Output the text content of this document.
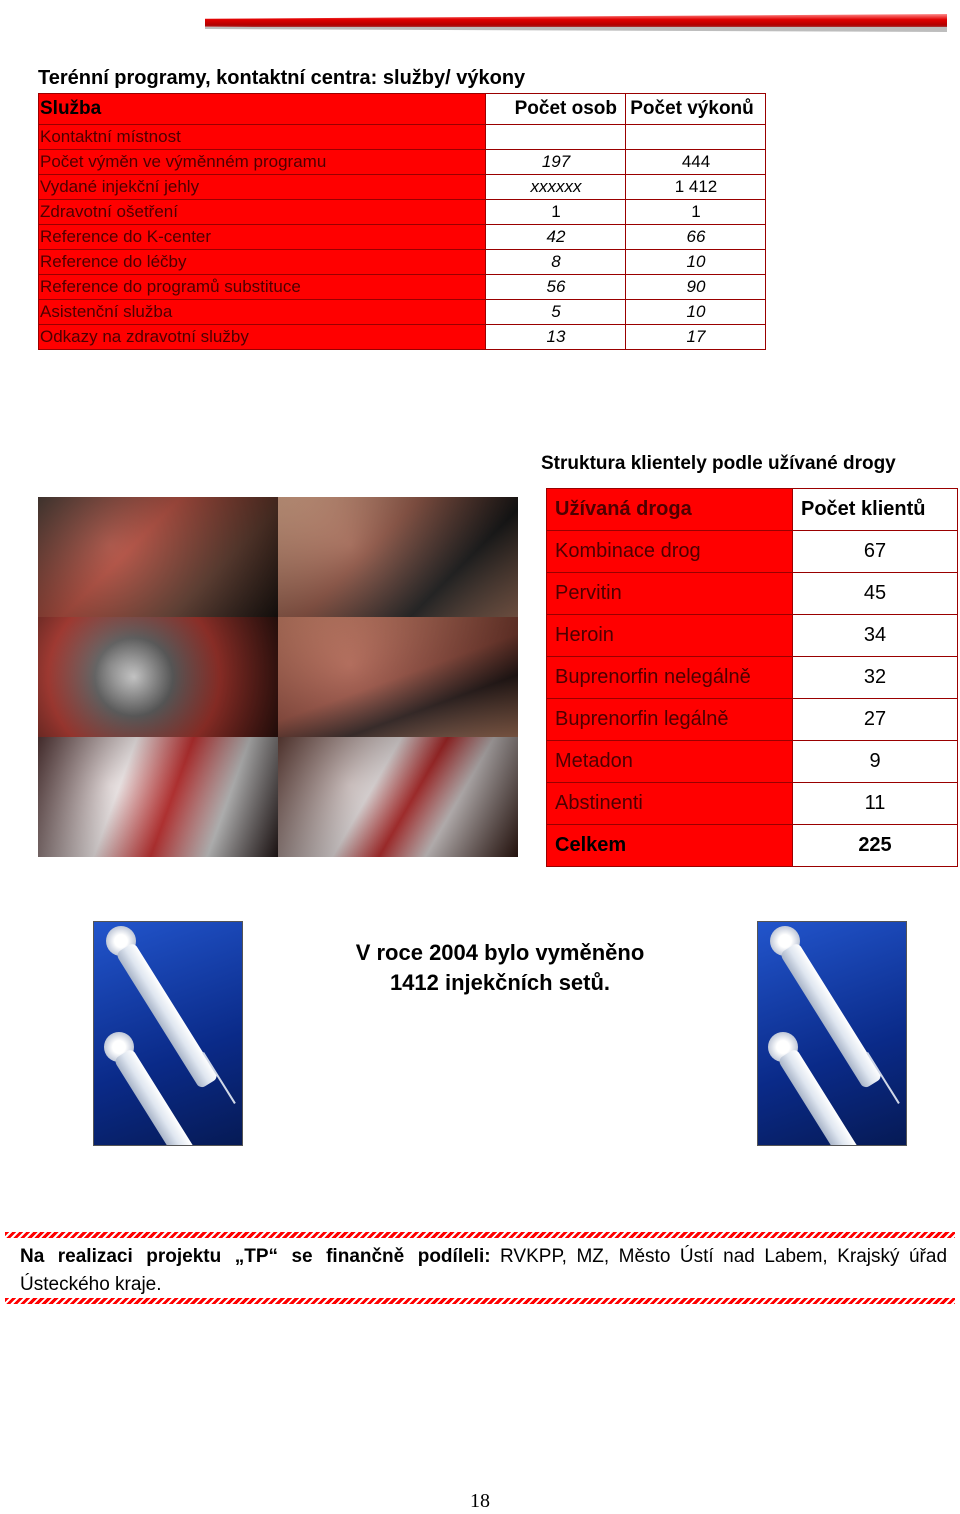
Terénní programy, kontaktní centra: služby/ výkony
Služba	Počet osob	Počet výkonů
Kontaktní místnost		
Počet výměn ve výměnném programu	197	444
Vydané injekční jehly	xxxxxx	1 412
Zdravotní ošetření	1	1
Reference do K-center	42	66
Reference do léčby	8	10
Reference do programů substituce	56	90
Asistenční služba	5	10
Odkazy na zdravotní služby	13	17
Struktura klientely podle užívané drogy
Užívaná droga	Počet klientů
Kombinace drog	67
Pervitin	45
Heroin	34
Buprenorfin nelegálně	32
Buprenorfin legálně	27
Metadon	9
Abstinenti	11
Celkem	225
V roce 2004 bylo vyměněno
1412 injekčních setů.
Na realizaci projektu „TP“ se finančně podíleli: RVKPP, MZ, Město Ústí nad Labem, Krajský úřad Ústeckého kraje.
18
